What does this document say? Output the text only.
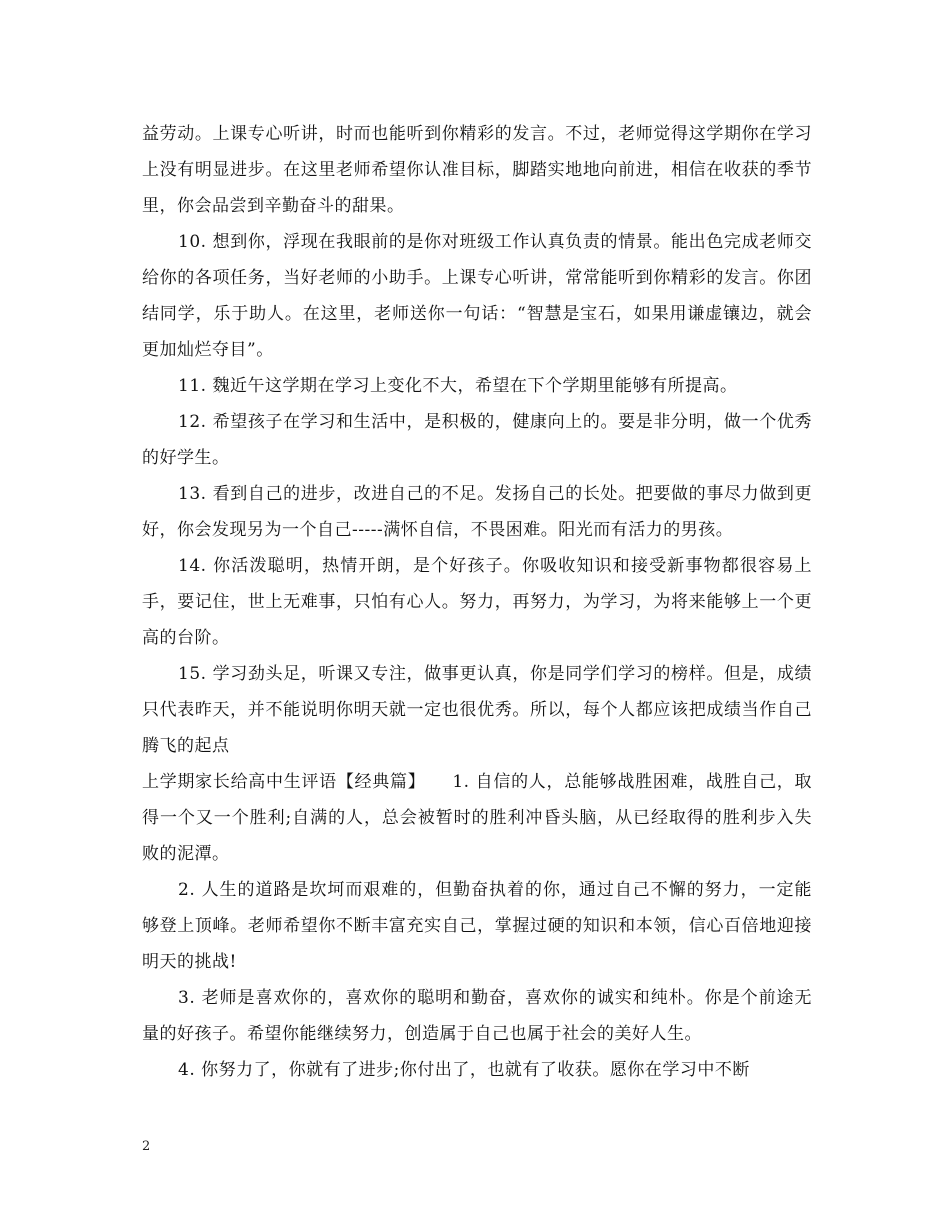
益劳动。上课专心听讲，时而也能听到你精彩的发言。不过，老师觉得这学期你在学习上没有明显进步。在这里老师希望你认准目标，脚踏实地地向前进，相信在收获的季节里，你会品尝到辛勤奋斗的甜果。

10. 想到你，浮现在我眼前的是你对班级工作认真负责的情景。能出色完成老师交给你的各项任务，当好老师的小助手。上课专心听讲，常常能听到你精彩的发言。你团结同学，乐于助人。在这里，老师送你一句话：“智慧是宝石，如果用谦虚镶边，就会更加灿烂夺目”。

11. 魏近午这学期在学习上变化不大，希望在下个学期里能够有所提高。

12. 希望孩子在学习和生活中，是积极的，健康向上的。要是非分明，做一个优秀的好学生。

13. 看到自己的进步，改进自己的不足。发扬自己的长处。把要做的事尽力做到更好，你会发现另为一个自己-----满怀自信，不畏困难。阳光而有活力的男孩。

14. 你活泼聪明，热情开朗，是个好孩子。你吸收知识和接受新事物都很容易上手，要记住，世上无难事，只怕有心人。努力，再努力，为学习，为将来能够上一个更高的台阶。

15. 学习劲头足，听课又专注，做事更认真，你是同学们学习的榜样。但是，成绩只代表昨天，并不能说明你明天就一定也很优秀。所以，每个人都应该把成绩当作自己腾飞的起点

上学期家长给高中生评语【经典篇】　　1. 自信的人，总能够战胜困难，战胜自己，取得一个又一个胜利;自满的人，总会被暂时的胜利冲昏头脑，从已经取得的胜利步入失败的泥潭。

2. 人生的道路是坎坷而艰难的，但勤奋执着的你，通过自己不懈的努力，一定能够登上顶峰。老师希望你不断丰富充实自己，掌握过硬的知识和本领，信心百倍地迎接明天的挑战!

3. 老师是喜欢你的，喜欢你的聪明和勤奋，喜欢你的诚实和纯朴。你是个前途无量的好孩子。希望你能继续努力，创造属于自己也属于社会的美好人生。

4. 你努力了，你就有了进步;你付出了，也就有了收获。愿你在学习中不断

2
